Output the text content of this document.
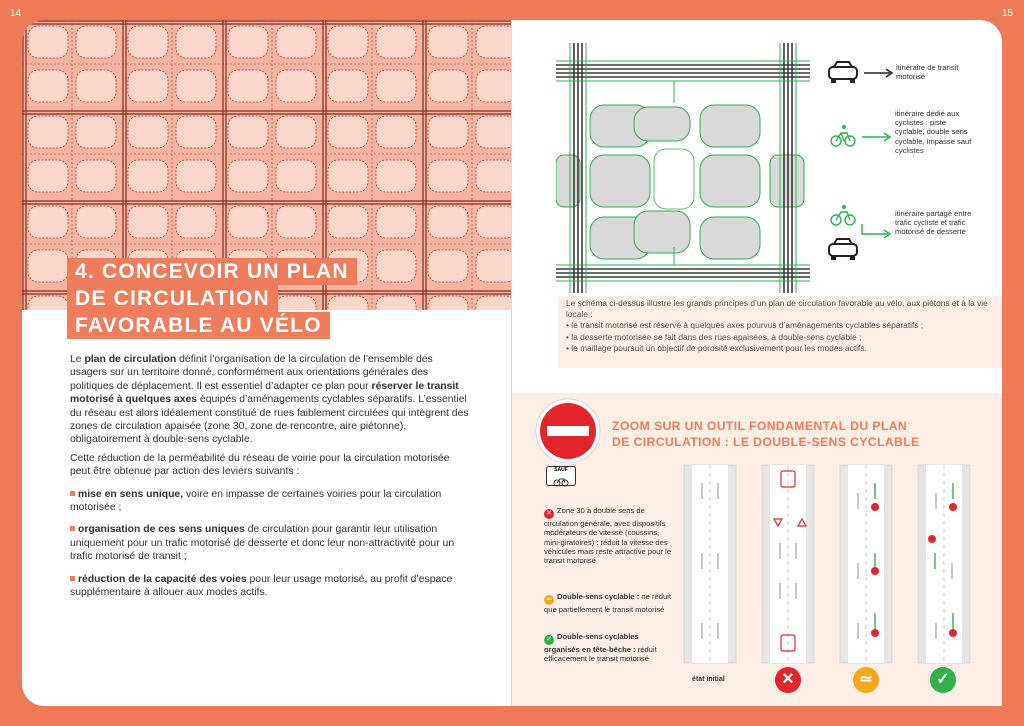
14	15
4. CONCEVOIR UN PLAN
DE CIRCULATION
FAVORABLE AU VÉLO

Le plan de circulation définit l’organisation de la circulation de l’ensemble des usagers sur un territoire donné, conformément aux orientations générales des politiques de déplacement. Il est essentiel d’adapter ce plan pour réserver le transit motorisé à quelques axes équipés d’aménagements cyclables séparatifs. L’essentiel du réseau est alors idéalement constitué de rues faiblement circulées qui intègrent des zones de circulation apaisée (zone 30, zone de rencontre, aire piétonne), obligatoirement à double-sens cyclable.

Cette réduction de la perméabilité du réseau de voirie pour la circulation motorisée peut être obtenue par action des leviers suivants :

mise en sens unique, voire en impasse de certaines voiries pour la circulation motorisée ;

organisation de ces sens uniques de circulation pour garantir leur utilisation uniquement pour un trafic motorisé de desserte et donc leur non-attractivité pour un trafic motorisé de transit ;

réduction de la capacité des voies pour leur usage motorisé, au profit d’espace supplémentaire à allouer aux modes actifs.

itinéraire de transit motorisé
itinéraire dédié aux cyclistes : piste cyclable, double sens cyclable, impasse sauf cyclistes
itinéraire partagé entre trafic cycliste et trafic motorisé de desserte
Le schéma ci-dessus illustre les grands principes d’un plan de circulation favorable au vélo, aux piétons et à la vie locale :
• le transit motorisé est réservé à quelques axes pourvus d’aménagements cyclables séparatifs ;
• la desserte motorisée se fait dans des rues apaisées, à double-sens cyclable ;
• le maillage poursuit un objectif de porosité exclusivement pour les modes actifs.
SAUF
ZOOM SUR UN OUTIL FONDAMENTAL DU PLAN
DE CIRCULATION : LE DOUBLE-SENS CYCLABLE
✕ Zone 30 à double sens de circulation générale, avec dispositifs modérateurs de vitesse (coussins, mini-giratoires) : réduit la vitesse des véhicules mais reste attractive pour le transit motorisé
≃ Double-sens cyclable : ne réduit que partiellement le transit motorisé
✓ Double-sens cyclables organisés en tête-bêche : réduit efficacement le transit motorisé
état initial	✕	≃	✓
